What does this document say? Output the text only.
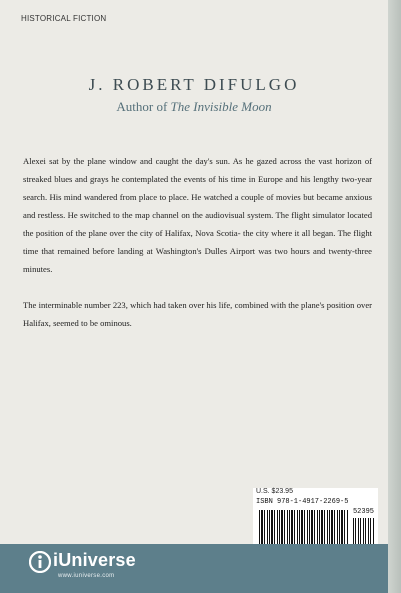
HISTORICAL FICTION
J. ROBERT DIFULGO
Author of The Invisible Moon

Alexei sat by the plane window and caught the day's sun. As he gazed across the vast horizon of streaked blues and grays he contemplated the events of his time in Europe and his lengthy two-year search. His mind wandered from place to place. He watched a couple of movies but became anxious and restless. He switched to the map channel on the audiovisual system. The flight simulator located the position of the plane over the city of Halifax, Nova Scotia- the city where it all began. The flight time that remained before landing at Washington's Dulles Airport was two hours and twenty-three minutes.

The interminable number 223, which had taken over his life, combined with the plane's position over Halifax, seemed to be ominous.

U.S. $23.95
ISBN 978-1-4917-2269-5
52395
iUniverse
www.iuniverse.com
